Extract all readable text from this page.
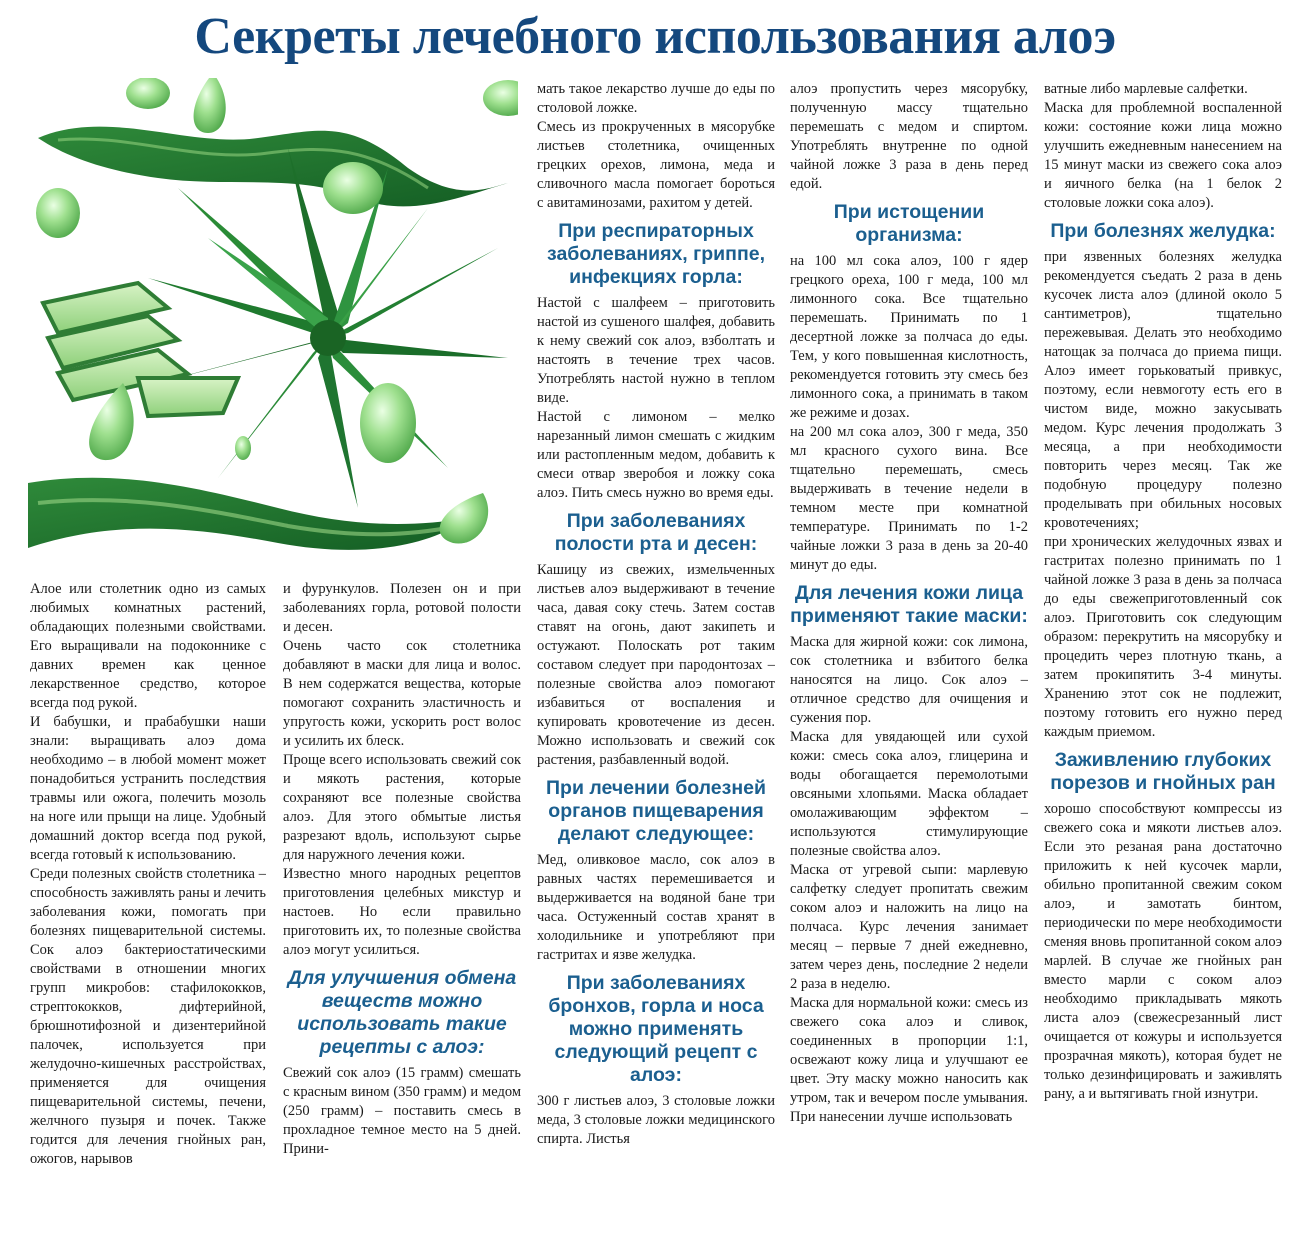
Секреты лечебного использования алоэ

Алое или столетник одно из самых любимых комнатных растений, обладающих полезными свойствами. Его выращивали на подоконнике с давних времен как ценное лекарственное средство, которое всегда под рукой.

И бабушки, и прабабушки наши знали: выращивать алоэ дома необходимо – в любой момент может понадобиться устранить последствия травмы или ожога, полечить мозоль на ноге или прыщи на лице. Удобный домашний доктор всегда под рукой, всегда готовый к использованию.

Среди полезных свойств столетника – способность заживлять раны и лечить заболевания кожи, помогать при болезнях пищеварительной системы. Сок алоэ бактериостатическими свойствами в отношении многих групп микробов: стафилококков, стрептококков, дифтерийной, брюшнотифозной и дизентерийной палочек, используется при желудочно-кишечных расстройствах, применяется для очищения пищеварительной системы, печени, желчного пузыря и почек. Также годится для лечения гнойных ран, ожогов, нарывов

и фурункулов. Полезен он и при заболеваниях горла, ротовой полости и десен.

Очень часто сок столетника добавляют в маски для лица и волос. В нем содержатся вещества, которые помогают сохранить эластичность и упругость кожи, ускорить рост волос и усилить их блеск.

Проще всего использовать свежий сок и мякоть растения, которые сохраняют все полезные свойства алоэ. Для этого обмытые листья разрезают вдоль, используют сырье для наружного лечения кожи.

Известно много народных рецептов приготовления целебных микстур и настоев. Но если правильно приготовить их, то полезные свойства алоэ могут усилиться.

Для улучшения обмена веществ можно использовать такие рецепты с алоэ:

Свежий сок алоэ (15 грамм) смешать с красным вином (350 грамм) и медом (250 грамм) – поставить смесь в прохладное темное место на 5 дней. Прини-

мать такое лекарство лучше до еды по столовой ложке.

Смесь из прокрученных в мясорубке листьев столетника, очищенных грецких орехов, лимона, меда и сливочного масла помогает бороться с авитаминозами, рахитом у детей.

При респираторных заболеваниях, гриппе, инфекциях горла:

Настой с шалфеем – приготовить настой из сушеного шалфея, добавить к нему свежий сок алоэ, взболтать и настоять в течение трех часов. Употреблять настой нужно в теплом виде.

Настой с лимоном – мелко нарезанный лимон смешать с жидким или растопленным медом, добавить к смеси отвар зверобоя и ложку сока алоэ. Пить смесь нужно во время еды.

При заболеваниях полости рта и десен:

Кашицу из свежих, измельченных листьев алоэ выдерживают в течение часа, давая соку стечь. Затем состав ставят на огонь, дают закипеть и остужают. Полоскать рот таким составом следует при пародонтозах – полезные свойства алоэ помогают избавиться от воспаления и купировать кровотечение из десен. Можно использовать и свежий сок растения, разбавленный водой.

При лечении болезней органов пищеварения делают следующее:

Мед, оливковое масло, сок алоэ в равных частях перемешивается и выдерживается на водяной бане три часа. Остуженный состав хранят в холодильнике и употребляют при гастритах и язве желудка.

При заболеваниях бронхов, горла и носа можно применять следующий рецепт с алоэ:

300 г листьев алоэ, 3 столовые ложки меда, 3 столовые ложки медицинского спирта. Листья

алоэ пропустить через мясорубку, полученную массу тщательно перемешать с медом и спиртом. Употреблять внутренне по одной чайной ложке 3 раза в день перед едой.

При истощении организма:

на 100 мл сока алоэ, 100 г ядер грецкого ореха, 100 г меда, 100 мл лимонного сока. Все тщательно перемешать. Принимать по 1 десертной ложке за полчаса до еды. Тем, у кого повышенная кислотность, рекомендуется готовить эту смесь без лимонного сока, а принимать в таком же режиме и дозах.

на 200 мл сока алоэ, 300 г меда, 350 мл красного сухого вина. Все тщательно перемешать, смесь выдерживать в течение недели в темном месте при комнатной температуре. Принимать по 1-2 чайные ложки 3 раза в день за 20-40 минут до еды.

Для лечения кожи лица применяют такие маски:

Маска для жирной кожи: сок лимона, сок столетника и взбитого белка наносятся на лицо. Сок алоэ – отличное средство для очищения и сужения пор.

Маска для увядающей или сухой кожи: смесь сока алоэ, глицерина и воды обогащается перемолотыми овсяными хлопьями. Маска обладает омолаживающим эффектом – используются стимулирующие полезные свойства алоэ.

Маска от угревой сыпи: марлевую салфетку следует пропитать свежим соком алоэ и наложить на лицо на полчаса. Курс лечения занимает месяц – первые 7 дней ежедневно, затем через день, последние 2 недели 2 раза в неделю.

Маска для нормальной кожи: смесь из свежего сока алоэ и сливок, соединенных в пропорции 1:1, освежают кожу лица и улучшают ее цвет. Эту маску можно наносить как утром, так и вечером после умывания. При нанесении лучше использовать

ватные либо марлевые салфетки.

Маска для проблемной воспаленной кожи: состояние кожи лица можно улучшить ежедневным нанесением на 15 минут маски из свежего сока алоэ и яичного белка (на 1 белок 2 столовые ложки сока алоэ).

При болезнях желудка:

при язвенных болезнях желудка рекомендуется съедать 2 раза в день кусочек листа алоэ (длиной около 5 сантиметров), тщательно пережевывая. Делать это необходимо натощак за полчаса до приема пищи. Алоэ имеет горьковатый привкус, поэтому, если невмоготу есть его в чистом виде, можно закусывать медом. Курс лечения продолжать 3 месяца, а при необходимости повторить через месяц. Так же подобную процедуру полезно проделывать при обильных носовых кровотечениях;

при хронических желудочных язвах и гастритах полезно принимать по 1 чайной ложке 3 раза в день за полчаса до еды свежеприготовленный сок алоэ. Приготовить сок следующим образом: перекрутить на мясорубку и процедить через плотную ткань, а затем прокипятить 3-4 минуты. Хранению этот сок не подлежит, поэтому готовить его нужно перед каждым приемом.

Заживлению глубоких порезов и гнойных ран

хорошо способствуют компрессы из свежего сока и мякоти листьев алоэ. Если это резаная рана достаточно приложить к ней кусочек марли, обильно пропитанной свежим соком алоэ, и замотать бинтом, периодически по мере необходимости сменяя вновь пропитанной соком алоэ марлей. В случае же гнойных ран вместо марли с соком алоэ необходимо прикладывать мякоть листа алоэ (свежесрезанный лист очищается от кожуры и используется прозрачная мякоть), которая будет не только дезинфицировать и заживлять рану, а и вытягивать гной изнутри.
